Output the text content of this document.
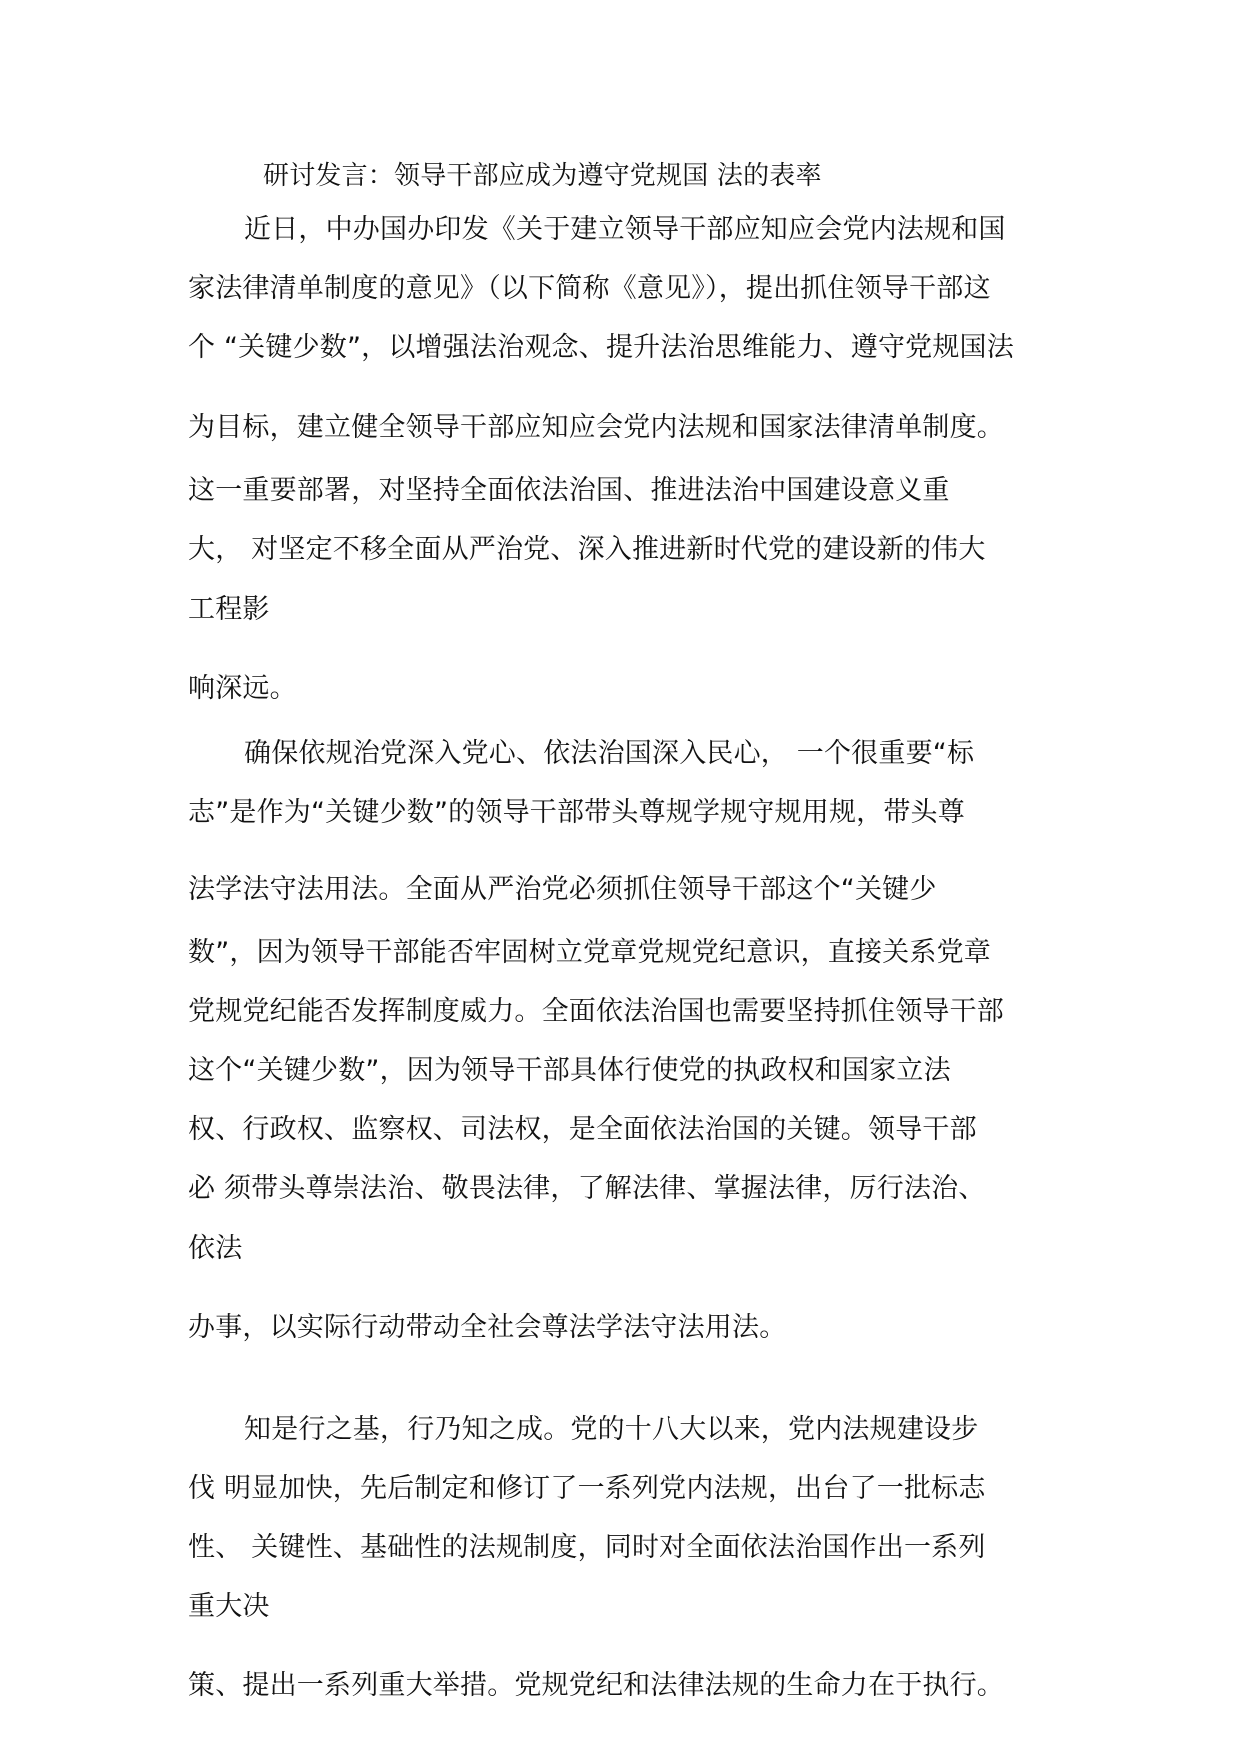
研讨发言：领导干部应成为遵守党规国 法的表率
近日，中办国办印发《关于建立领导干部应知应会党内法规和国
家法律清单制度的意见》（以下简称《意见》），提出抓住领导干部这
个 “关键少数”，以增强法治观念、提升法治思维能力、遵守党规国法
为目标，建立健全领导干部应知应会党内法规和国家法律清单制度。
这一重要部署，对坚持全面依法治国、推进法治中国建设意义重
大， 对坚定不移全面从严治党、深入推进新时代党的建设新的伟大
工程影
响深远。
确保依规治党深入党心、依法治国深入民心， 一个很重要“标
志”是作为“关键少数”的领导干部带头尊规学规守规用规，带头尊
法学法守法用法。全面从严治党必须抓住领导干部这个“关键少
数”，因为领导干部能否牢固树立党章党规党纪意识，直接关系党章
党规党纪能否发挥制度威力。全面依法治国也需要坚持抓住领导干部
这个“关键少数”，因为领导干部具体行使党的执政权和国家立法
权、行政权、监察权、司法权，是全面依法治国的关键。领导干部
必 须带头尊崇法治、敬畏法律，了解法律、掌握法律，厉行法治、
依法
办事，以实际行动带动全社会尊法学法守法用法。
知是行之基，行乃知之成。党的十八大以来，党内法规建设步
伐 明显加快，先后制定和修订了一系列党内法规，出台了一批标志
性、 关键性、基础性的法规制度，同时对全面依法治国作出一系列
重大决
策、提出一系列重大举措。党规党纪和法律法规的生命力在于执行。
